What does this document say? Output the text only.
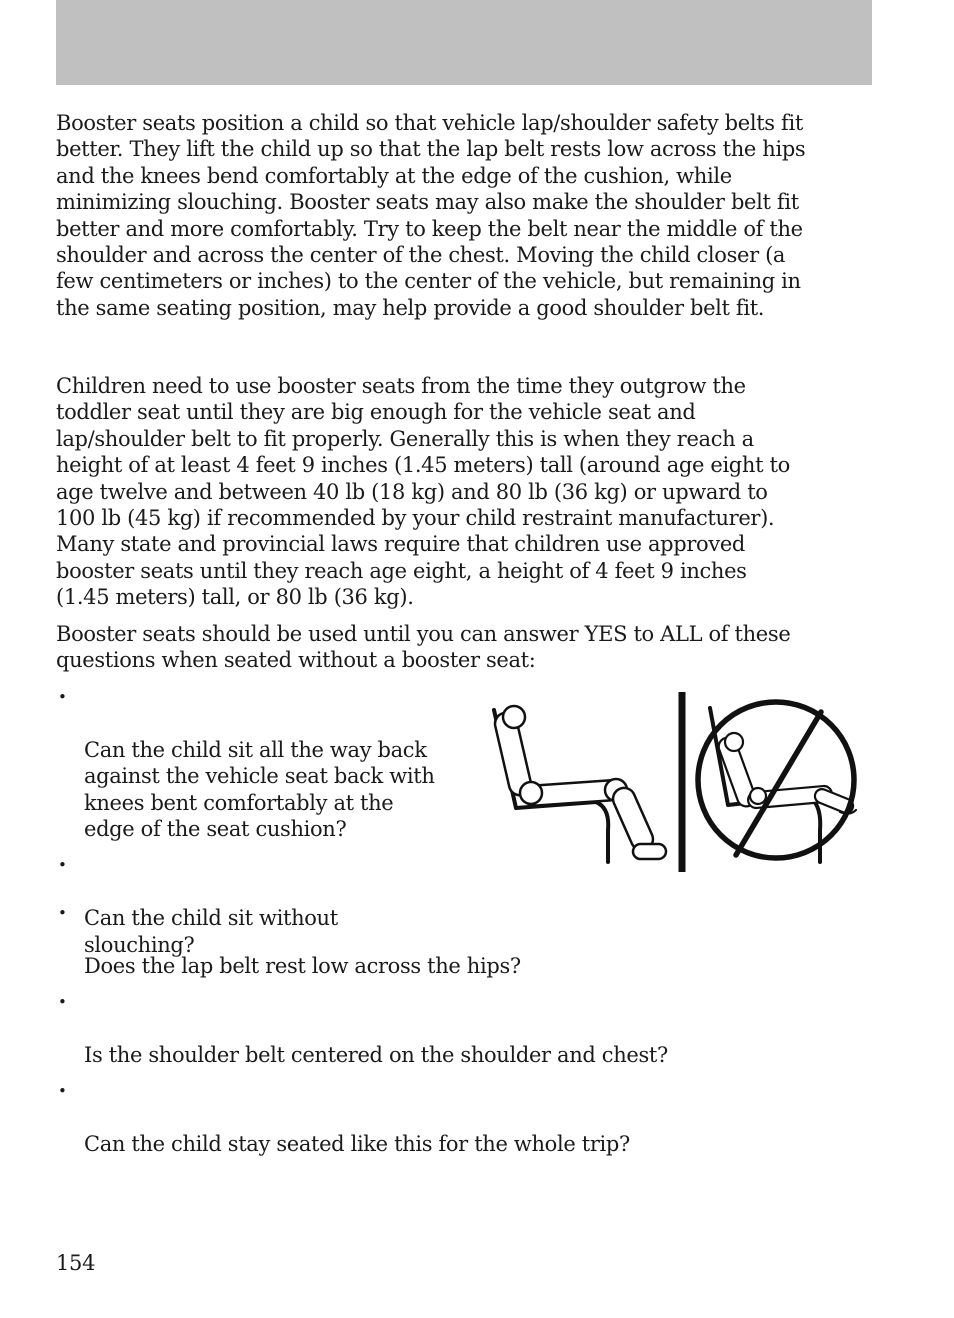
Booster seats position a child so that vehicle lap/shoulder safety belts fit
better. They lift the child up so that the lap belt rests low across the hips
and the knees bend comfortably at the edge of the cushion, while
minimizing slouching. Booster seats may also make the shoulder belt fit
better and more comfortably. Try to keep the belt near the middle of the
shoulder and across the center of the chest. Moving the child closer (a
few centimeters or inches) to the center of the vehicle, but remaining in
the same seating position, may help provide a good shoulder belt fit.

Children need to use booster seats from the time they outgrow the
toddler seat until they are big enough for the vehicle seat and
lap/shoulder belt to fit properly. Generally this is when they reach a
height of at least 4 feet 9 inches (1.45 meters) tall (around age eight to
age twelve and between 40 lb (18 kg) and 80 lb (36 kg) or upward to
100 lb (45 kg) if recommended by your child restraint manufacturer).
Many state and provincial laws require that children use approved
booster seats until they reach age eight, a height of 4 feet 9 inches
(1.45 meters) tall, or 80 lb (36 kg).

Booster seats should be used until you can answer YES to ALL of these
questions when seated without a booster seat:

•

Can the child sit all the way back
against the vehicle seat back with
knees bent comfortably at the
edge of the seat cushion?

•

Can the child sit without
slouching?

•

Does the lap belt rest low across the hips?

•

Is the shoulder belt centered on the shoulder and chest?

•

Can the child stay seated like this for the whole trip?

154
